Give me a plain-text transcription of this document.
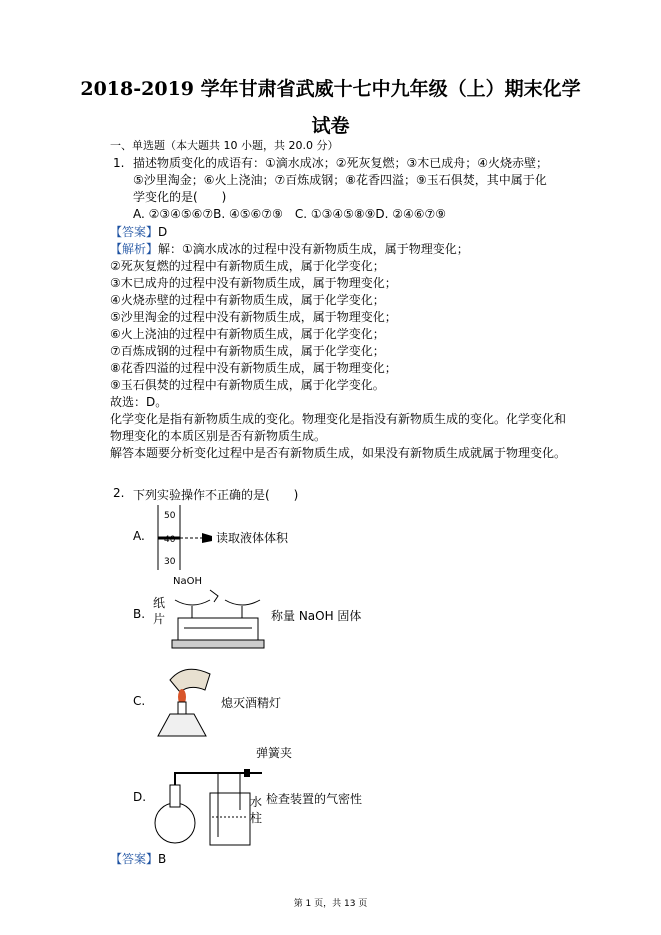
2018-2019 学年甘肃省武威十七中九年级（上）期末化学
试卷
一、单选题（本大题共 10 小题，共 20.0 分）
1. 描述物质变化的成语有：①滴水成冰；②死灰复燃；③木已成舟；④火烧赤壁；
⑤沙里淘金；⑥火上浇油；⑦百炼成钢；⑧花香四溢；⑨玉石俱焚，其中属于化
学变化的是(　　)
A. ②③④⑤⑥⑦B. ④⑤⑥⑦⑨　C. ①③④⑤⑧⑨D. ②④⑥⑦⑨
【答案】D
【解析】解：①滴水成冰的过程中没有新物质生成，属于物理变化；
②死灰复燃的过程中有新物质生成，属于化学变化；
③木已成舟的过程中没有新物质生成，属于物理变化；
④火烧赤壁的过程中有新物质生成，属于化学变化；
⑤沙里淘金的过程中没有新物质生成，属于物理变化；
⑥火上浇油的过程中有新物质生成，属于化学变化；
⑦百炼成钢的过程中有新物质生成，属于化学变化；
⑧花香四溢的过程中没有新物质生成，属于物理变化；
⑨玉石俱焚的过程中有新物质生成，属于化学变化。
故选：D。
化学变化是指有新物质生成的变化。物理变化是指没有新物质生成的变化。化学变化和
物理变化的本质区别是否有新物质生成。
解答本题要分析变化过程中是否有新物质生成，如果没有新物质生成就属于物理变化。
2. 下列实验操作不正确的是(　　)
A.
50
40
30
读取液体体积
B.
NaOH
纸
片	称量 NaOH 固体
C.	熄灭酒精灯
D.
弹簧夹
水
柱
检查装置的气密性
【答案】B
第 1 页，共 13 页
